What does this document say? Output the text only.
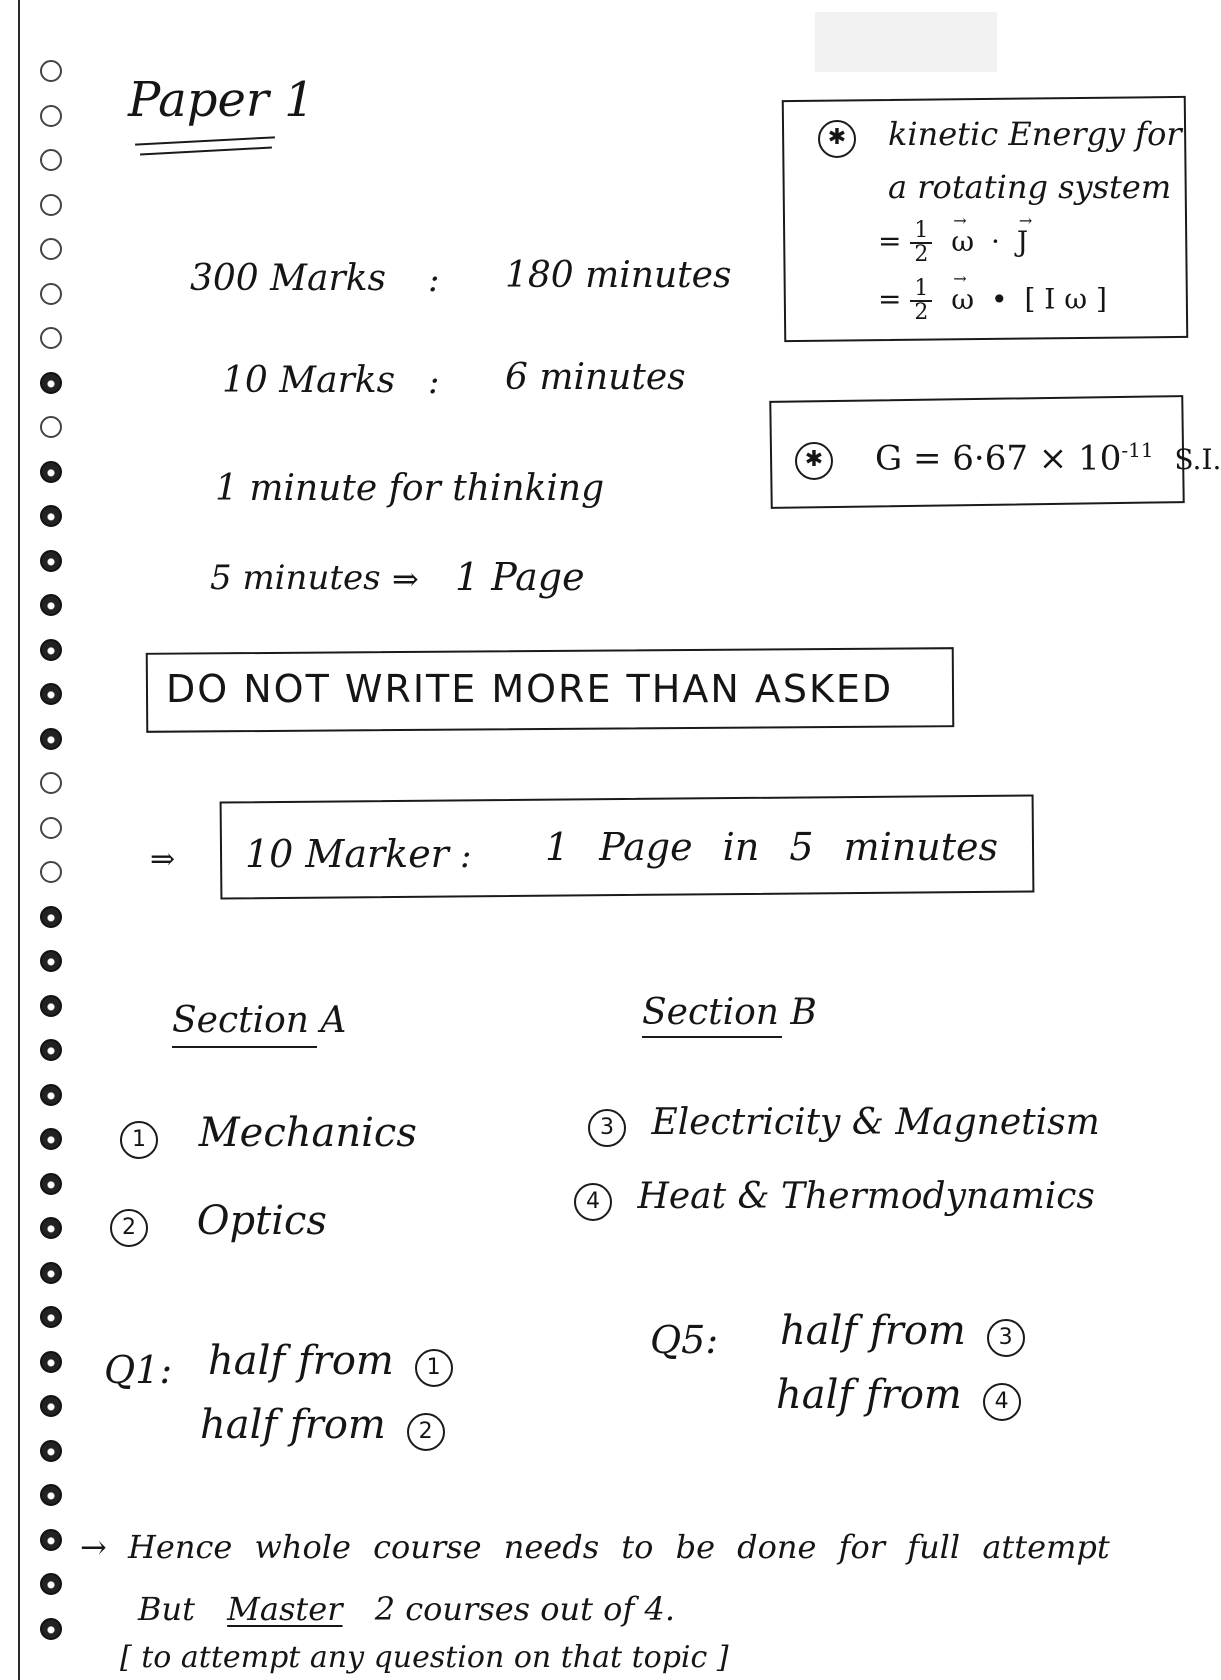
Paper 1
300 Marks : 180 minutes
10 Marks : 6 minutes
1 minute for thinking
5 minutes ⇒ 1 Page
✱	kinetic Energy for
a rotating system
= $\frac{1}{2}$
→ ω · → J
= $\frac{1}{2}$
→ ω • [ I ω ]
✱ $G = 6\cdot 67 \times 10^{-11}$ S.I.
DO NOT WRITE MORE THAN ASKED
⇒ 10 Marker : 1 Page in 5 minutes
Section A
1 Mechanics
2 Optics
Section B
3 Electricity & Magnetism
4 Heat & Thermodynamics
Q1: half from 1
half from 2
Q5: half from 3
half from 4
→ Hence whole course needs to be done for full attempt
But Master 2 courses out of 4.
[ to attempt any question on that topic ]
